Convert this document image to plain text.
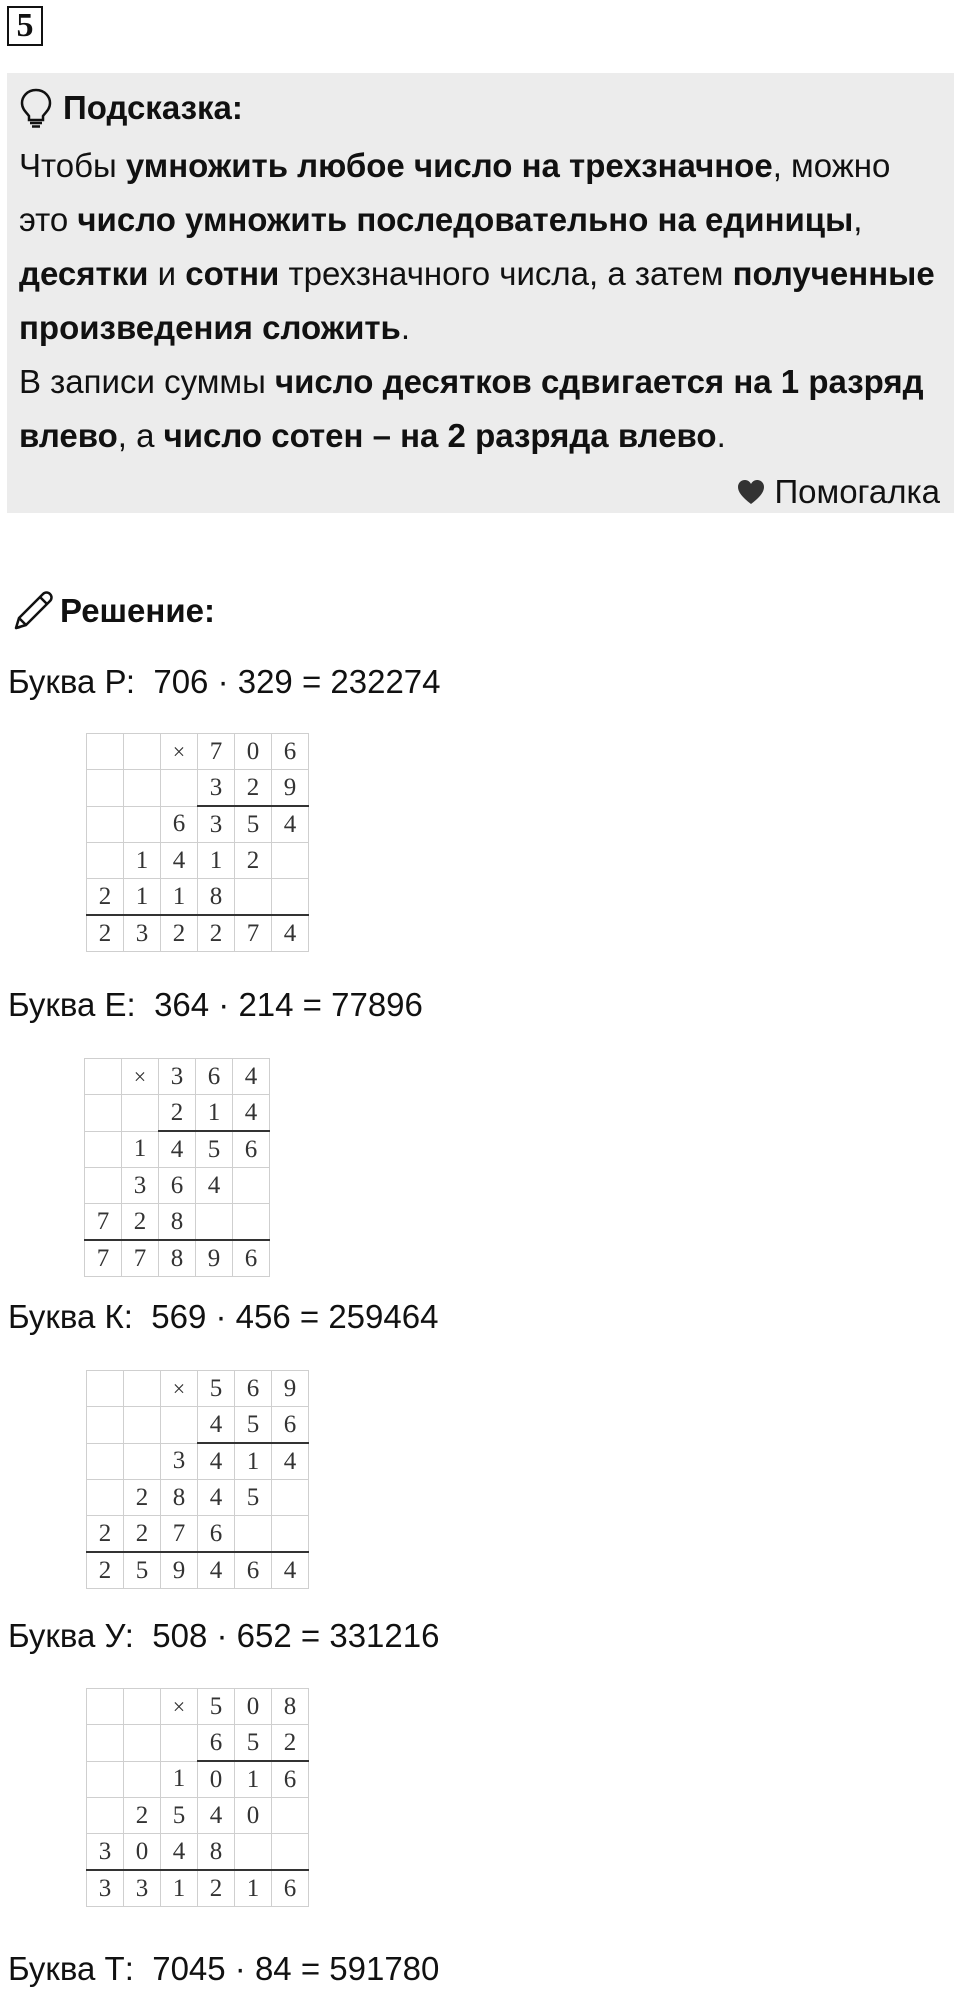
5
Подсказка:
Чтобы умножить любое число на трехзначное, можно это число умножить последовательно на единицы, десятки и сотни трехзначного числа, а затем полученные произведения сложить.
В записи суммы число десятков сдвигается на 1 разряд влево, а число сотен – на 2 разряда влево.
Помогалка
Решение:
Буква Р:  706 · 329 = 232274
		×	7	0	6
			3	2	9
		6	3	5	4
	1	4	1	2	
2	1	1	8		
2	3	2	2	7	4
Буква Е:  364 · 214 = 77896
	×	3	6	4
		2	1	4
	1	4	5	6
	3	6	4	
7	2	8		
7	7	8	9	6
Буква К:  569 · 456 = 259464
		×	5	6	9
			4	5	6
		3	4	1	4
	2	8	4	5	
2	2	7	6		
2	5	9	4	6	4
Буква У:  508 · 652 = 331216
		×	5	0	8
			6	5	2
		1	0	1	6
	2	5	4	0	
3	0	4	8		
3	3	1	2	1	6
Буква Т:  7045 · 84 = 591780
